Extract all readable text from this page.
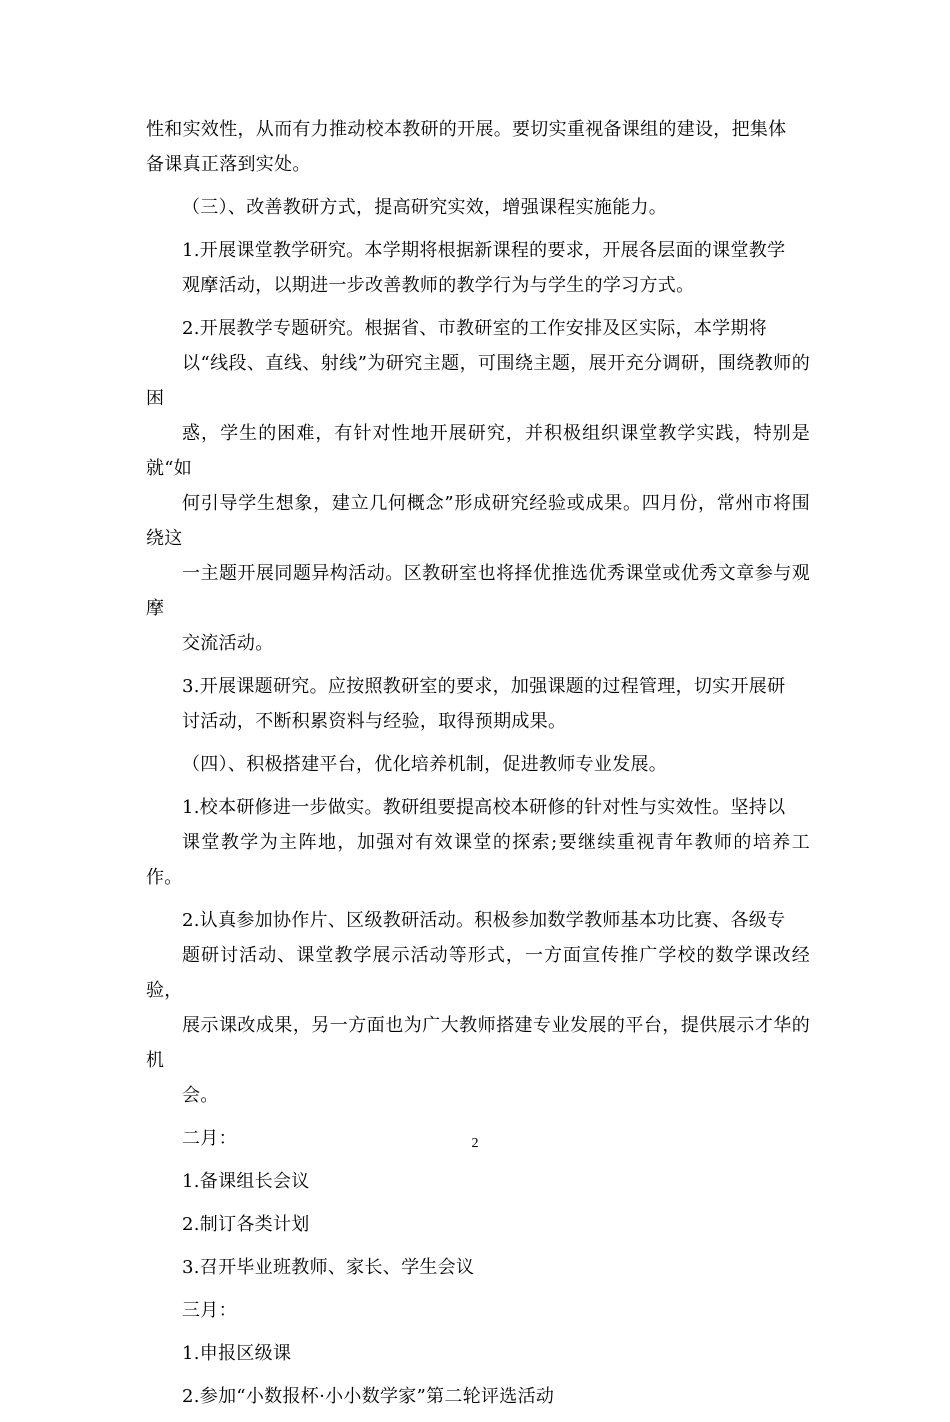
性和实效性，从而有力推动校本教研的开展。要切实重视备课组的建设，把集体
备课真正落到实处。

（三）、改善教研方式，提高研究实效，增强课程实施能力。

1.开展课堂教学研究。本学期将根据新课程的要求，开展各层面的课堂教学
观摩活动，以期进一步改善教师的教学行为与学生的学习方式。

2.开展教学专题研究。根据省、市教研室的工作安排及区实际，本学期将
以“线段、直线、射线”为研究主题，可围绕主题，展开充分调研，围绕教师的困
惑，学生的困难，有针对性地开展研究，并积极组织课堂教学实践，特别是就“如
何引导学生想象，建立几何概念”形成研究经验或成果。四月份，常州市将围绕这
一主题开展同题异构活动。区教研室也将择优推选优秀课堂或优秀文章参与观摩
交流活动。

3.开展课题研究。应按照教研室的要求，加强课题的过程管理，切实开展研
讨活动，不断积累资料与经验，取得预期成果。

（四）、积极搭建平台，优化培养机制，促进教师专业发展。

1.校本研修进一步做实。教研组要提高校本研修的针对性与实效性。坚持以
课堂教学为主阵地，加强对有效课堂的探索;要继续重视青年教师的培养工作。

2.认真参加协作片、区级教研活动。积极参加数学教师基本功比赛、各级专
题研讨活动、课堂教学展示活动等形式，一方面宣传推广学校的数学课改经验，
展示课改成果，另一方面也为广大教师搭建专业发展的平台，提供展示才华的机
会。

二月：

1.备课组长会议

2.制订各类计划

3.召开毕业班教师、家长、学生会议

三月：

1.申报区级课

2.参加“小数报杯·小小数学家”第二轮评选活动

2
